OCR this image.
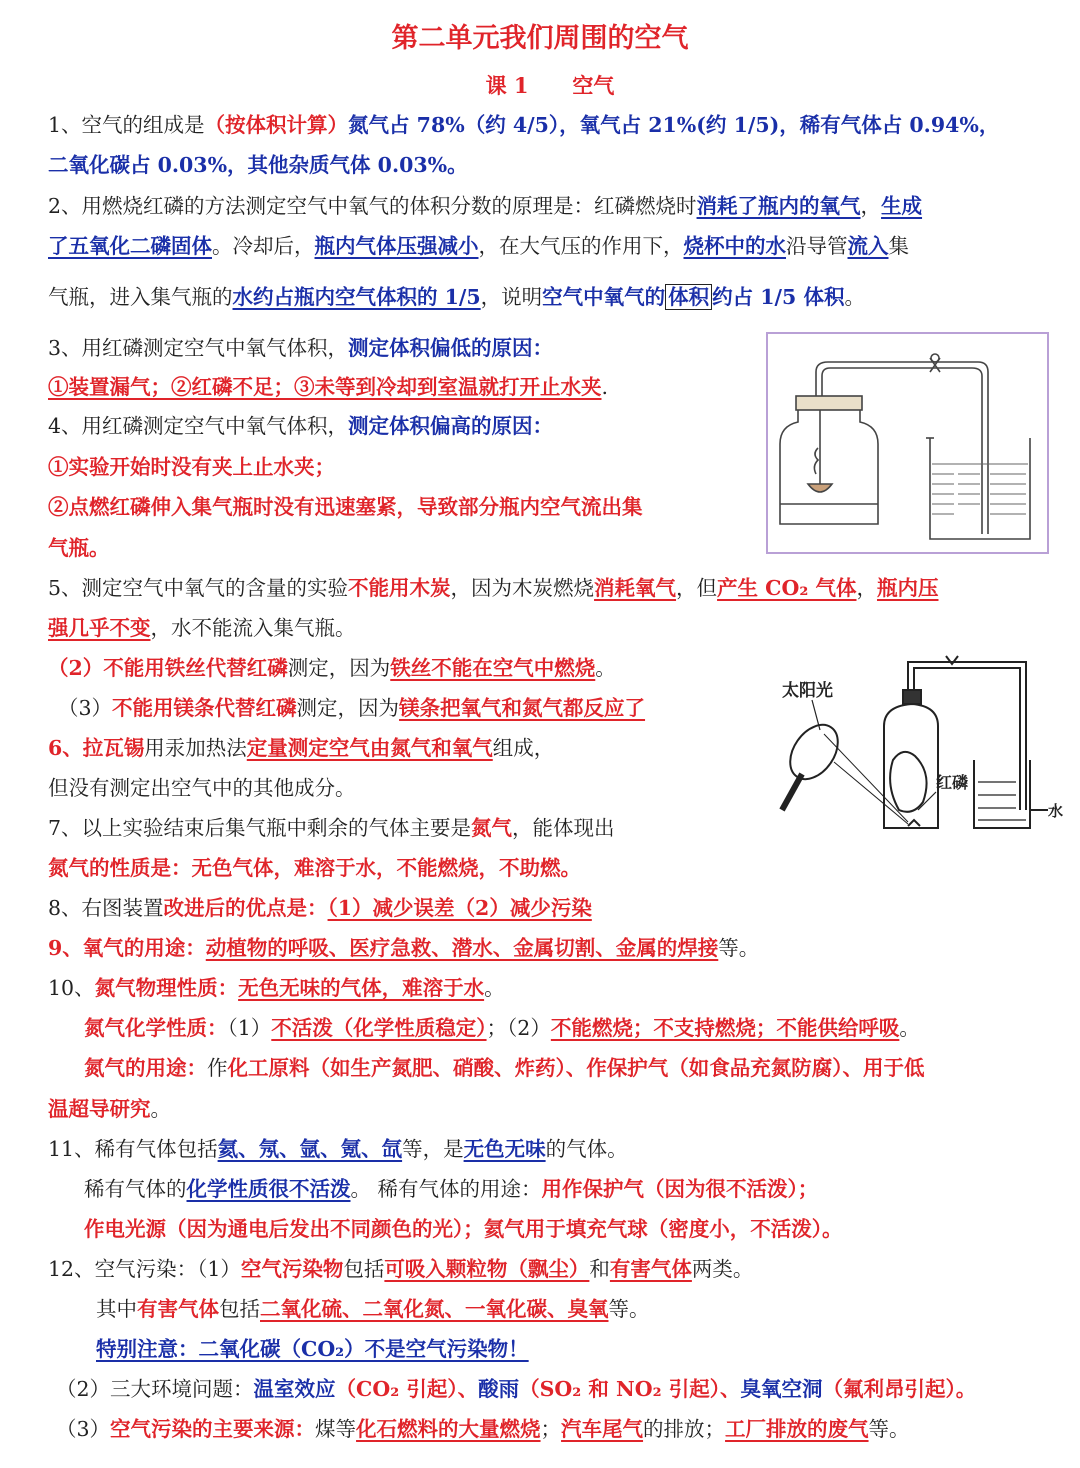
第二单元我们周围的空气
课 1 空气
1、空气的组成是（按体积计算）氮气占 78%（约 4/5），氧气占 21%(约 1/5)，稀有气体占 0.94%，
二氧化碳占 0.03%，其他杂质气体 0.03%。
2、用燃烧红磷的方法测定空气中氧气的体积分数的原理是：红磷燃烧时消耗了瓶内的氧气，生成
了五氧化二磷固体。冷却后，瓶内气体压强减小，在大气压的作用下，烧杯中的水沿导管流入集
气瓶，进入集气瓶的水约占瓶内空气体积的 1/5，说明空气中氧气的 体积 约占 1/5 体积。
3、用红磷测定空气中氧气体积，测定体积偏低的原因：
①装置漏气；②红磷不足；③未等到冷却到室温就打开止水夹.
4、用红磷测定空气中氧气体积，测定体积偏高的原因：
①实验开始时没有夹上止水夹；
②点燃红磷伸入集气瓶时没有迅速塞紧，导致部分瓶内空气流出集
气瓶。
5、测定空气中氧气的含量的实验不能用木炭，因为木炭燃烧消耗氧气，但产生 CO₂ 气体，瓶内压
强几乎不变，水不能流入集气瓶。
（2）不能用铁丝代替红磷测定，因为铁丝不能在空气中燃烧。
（3）不能用镁条代替红磷测定，因为镁条把氧气和氮气都反应了
6、拉瓦锡用汞加热法定量测定空气由氮气和氧气组成，
但没有测定出空气中的其他成分。
7、以上实验结束后集气瓶中剩余的气体主要是氮气，能体现出
氮气的性质是：无色气体，难溶于水，不能燃烧，不助燃。
8、右图装置改进后的优点是：（1）减少误差（2）减少污染
9、氧气的用途：动植物的呼吸、医疗急救、潜水、金属切割、金属的焊接等。
10、氮气物理性质：无色无味的气体，难溶于水。
氮气化学性质：（1）不活泼（化学性质稳定）；（2）不能燃烧；不支持燃烧；不能供给呼吸。
氮气的用途：作化工原料（如生产氮肥、硝酸、炸药）、作保护气（如食品充氮防腐）、用于低
温超导研究。
11、稀有气体包括氦、氖、氩、氪、氙等，是无色无味的气体。
稀有气体的化学性质很不活泼。 稀有气体的用途：用作保护气（因为很不活泼）；
作电光源（因为通电后发出不同颜色的光）；氦气用于填充气球（密度小，不活泼）。
12、空气污染：（1）空气污染物包括可吸入颗粒物（飘尘）和有害气体两类。
其中有害气体包括二氧化硫、二氧化氮、一氧化碳、臭氧等。
特别注意：二氧化碳（CO₂）不是空气污染物！
（2）三大环境问题：温室效应（CO₂ 引起）、酸雨（SO₂ 和 NO₂ 引起）、臭氧空洞（氟利昂引起）。
（3）空气污染的主要来源：煤等化石燃料的大量燃烧；汽车尾气的排放；工厂排放的废气等。
太阳光
红磷
水
